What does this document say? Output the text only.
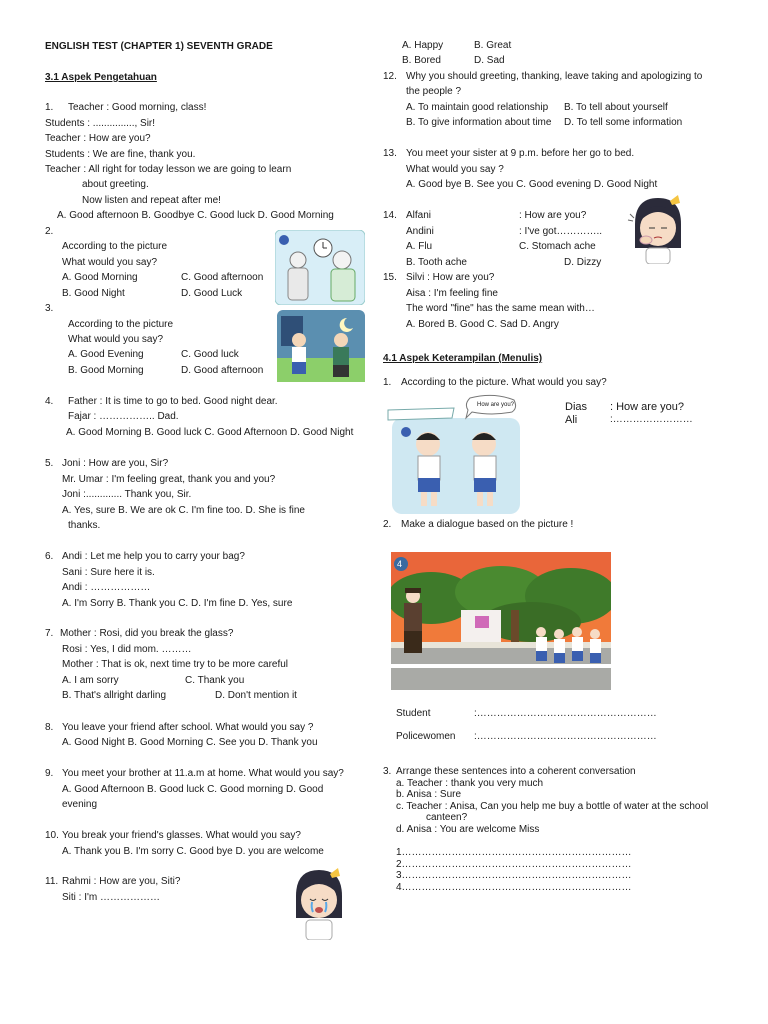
ENGLISH TEST (CHAPTER 1) SEVENTH GRADE
3.1 Aspek Pengetahuan
1. Teacher : Good morning, class!
Students : ..............., Sir!
Teacher : How are you?
Students : We are fine, thank you.
Teacher : All right for today lesson we are going to learn
about greeting.
Now listen and repeat after me!
A. Good afternoon B. Goodbye C. Good luck D. Good Morning
2.
According to the picture
What would you say?
A. Good Morning	C. Good afternoon
B. Good Night	D. Good Luck
3.
According to the picture
What would you say?
A. Good Evening	C. Good luck
B. Good Morning	D. Good afternoon
4. Father : It is time to go to bed. Good night dear.
Fajar : …………….. Dad.
A. Good Morning B. Good luck C. Good Afternoon D. Good Night
5. Joni : How are you, Sir?
Mr. Umar : I'm feeling great, thank you and you?
Joni :............. Thank you, Sir.
A. Yes, sure B. We are ok C. I'm fine too. D. She is fine
thanks.
6. Andi : Let me help you to carry your bag?
Sani : Sure here it is.
Andi : ………………
A. I'm Sorry B. Thank you C. D. I'm fine D. Yes, sure
7. Mother : Rosi, did you break the glass?
Rosi : Yes, I did mom. ………
Mother : That is ok, next time try to be more careful
A. I am sorry	C. Thank you
B. That's allright darling	D. Don't mention it
8. You leave your friend after school. What would you say ?
A. Good Night B. Good Morning C. See you D. Thank you
9. You meet your brother at 11.a.m at home. What would you say?
A. Good Afternoon B. Good luck C. Good morning D. Good
evening
10. You break your friend's glasses. What would you say?
A. Thank you B. I'm sorry C. Good bye D. you are welcome
11. Rahmi : How are you, Siti?
Siti : I'm ………………
A. Happy	B. Great
B. Bored	D. Sad
12. Why you should greeting, thanking, leave taking and apologizing to
the people ?
A. To maintain good relationship B. To tell about yourself
B. To give information about time D. To tell some information
13. You meet your sister at 9 p.m. before her go to bed.
What would you say ?
A. Good bye B. See you C. Good evening D. Good Night
14. Alfani	: How are you?
Andini	: I've got…………..
A. Flu	C. Stomach ache
B. Tooth ache	D. Dizzy
15. Silvi : How are you?
Aisa : I'm feeling fine
The word "fine" has the same mean with…
A. Bored B. Good C. Sad D. Angry
4.1 Aspek Keterampilan (Menulis)
1. According to the picture. What would you say?
How are you?	Dias : How are you?
Ali	:……………………
2. Make a dialogue based on the picture !
4
Student	:………………………………………………
Policewomen :………………………………………………
3. Arrange these sentences into a coherent conversation
a. Teacher : thank you very much
b. Anisa : Sure
c. Teacher : Anisa, Can you help me buy a bottle of water at the school
canteen?
d. Anisa : You are welcome Miss
1……………………………………………………………
2……………………………………………………………
3……………………………………………………………
4……………………………………………………………
